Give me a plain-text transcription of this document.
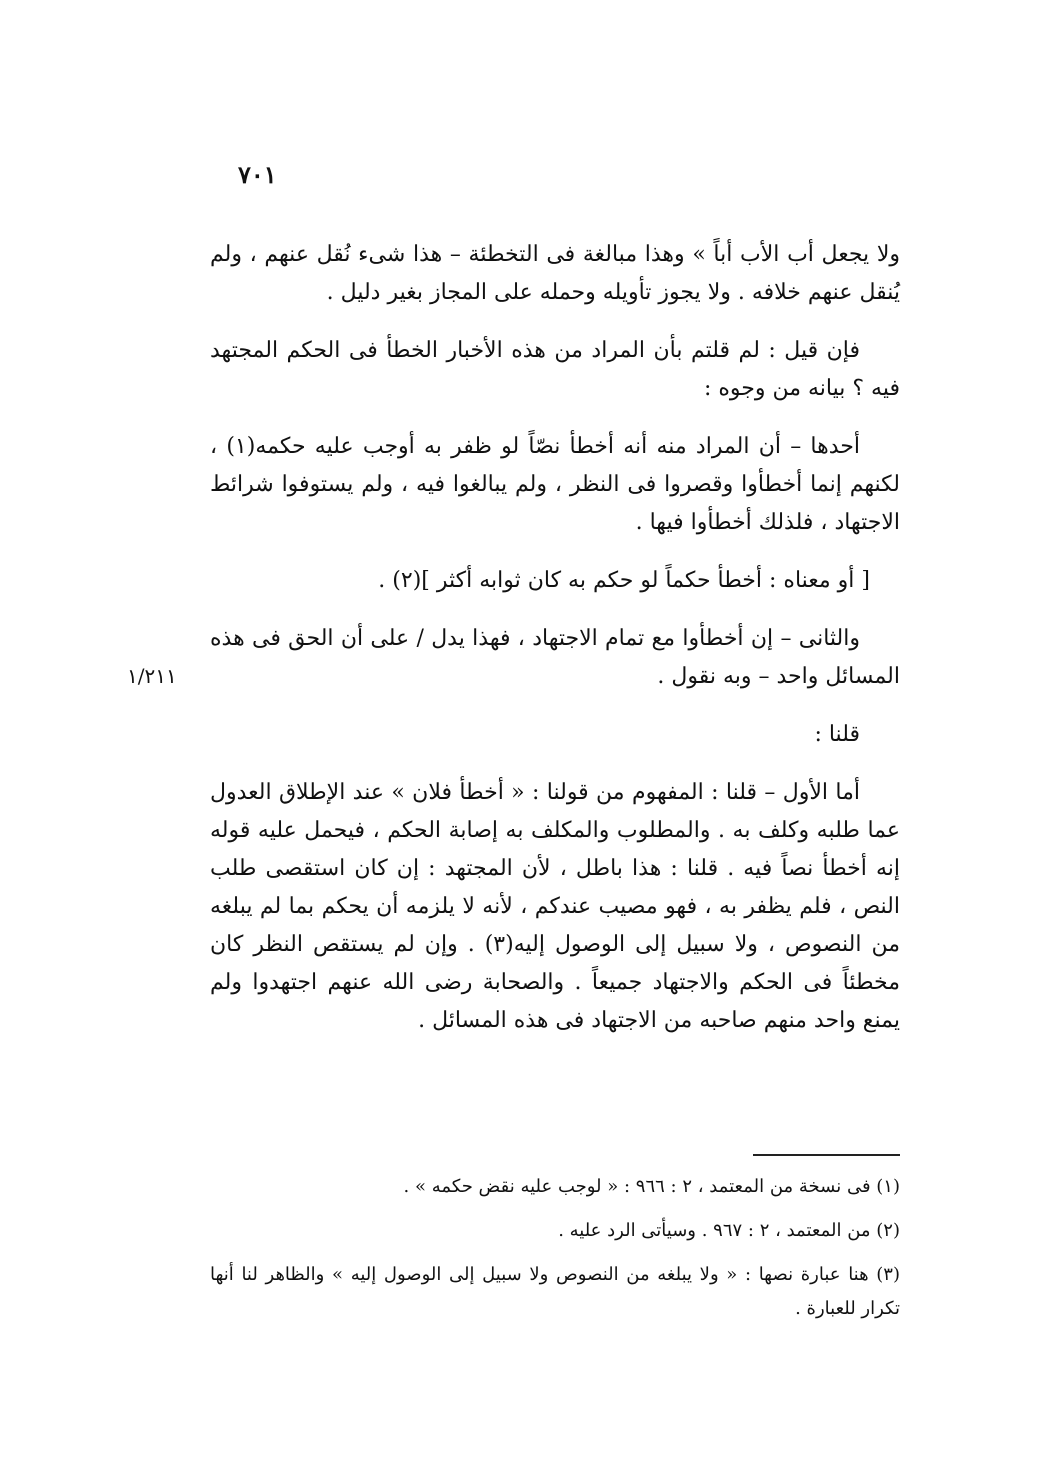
٧٠١
١/٢١١

ولا يجعل أب الأب أباً » وهذا مبالغة فى التخطئة – هذا شىء نُقل عنهم ، ولم يُنقل عنهم خلافه . ولا يجوز تأويله وحمله على المجاز بغير دليل .

فإن قيل : لم قلتم بأن المراد من هذه الأخبار الخطأ فى الحكم المجتهد فيه ؟ بيانه من وجوه :

أحدها – أن المراد منه أنه أخطأ نصّاً لو ظفر به أوجب عليه حكمه(١) ، لكنهم إنما أخطأوا وقصروا فى النظر ، ولم يبالغوا فيه ، ولم يستوفوا شرائط الاجتهاد ، فلذلك أخطأوا فيها .

[ أو معناه : أخطأ حكماً لو حكم به كان ثوابه أكثر ](٢) .

والثانى – إن أخطأوا مع تمام الاجتهاد ، فهذا يدل / على أن الحق فى هذه المسائل واحد – وبه نقول .

قلنا :

أما الأول – قلنا : المفهوم من قولنا : « أخطأ فلان » عند الإطلاق العدول عما طلبه وكلف به . والمطلوب والمكلف به إصابة الحكم ، فيحمل عليه قوله إنه أخطأ نصاً فيه . قلنا : هذا باطل ، لأن المجتهد : إن كان استقصى طلب النص ، فلم يظفر به ، فهو مصيب عندكم ، لأنه لا يلزمه أن يحكم بما لم يبلغه من النصوص ، ولا سبيل إلى الوصول إليه(٣) . وإن لم يستقص النظر كان مخطئاً فى الحكم والاجتهاد جميعاً . والصحابة رضى الله عنهم اجتهدوا ولم يمنع واحد منهم صاحبه من الاجتهاد فى هذه المسائل .

(١) فى نسخة من المعتمد ، ٢ : ٩٦٦ : « لوجب عليه نقض حكمه » .

(٢) من المعتمد ، ٢ : ٩٦٧ . وسيأتى الرد عليه .

(٣) هنا عبارة نصها : « ولا يبلغه من النصوص ولا سبيل إلى الوصول إليه » والظاهر لنا أنها تكرار للعبارة .
